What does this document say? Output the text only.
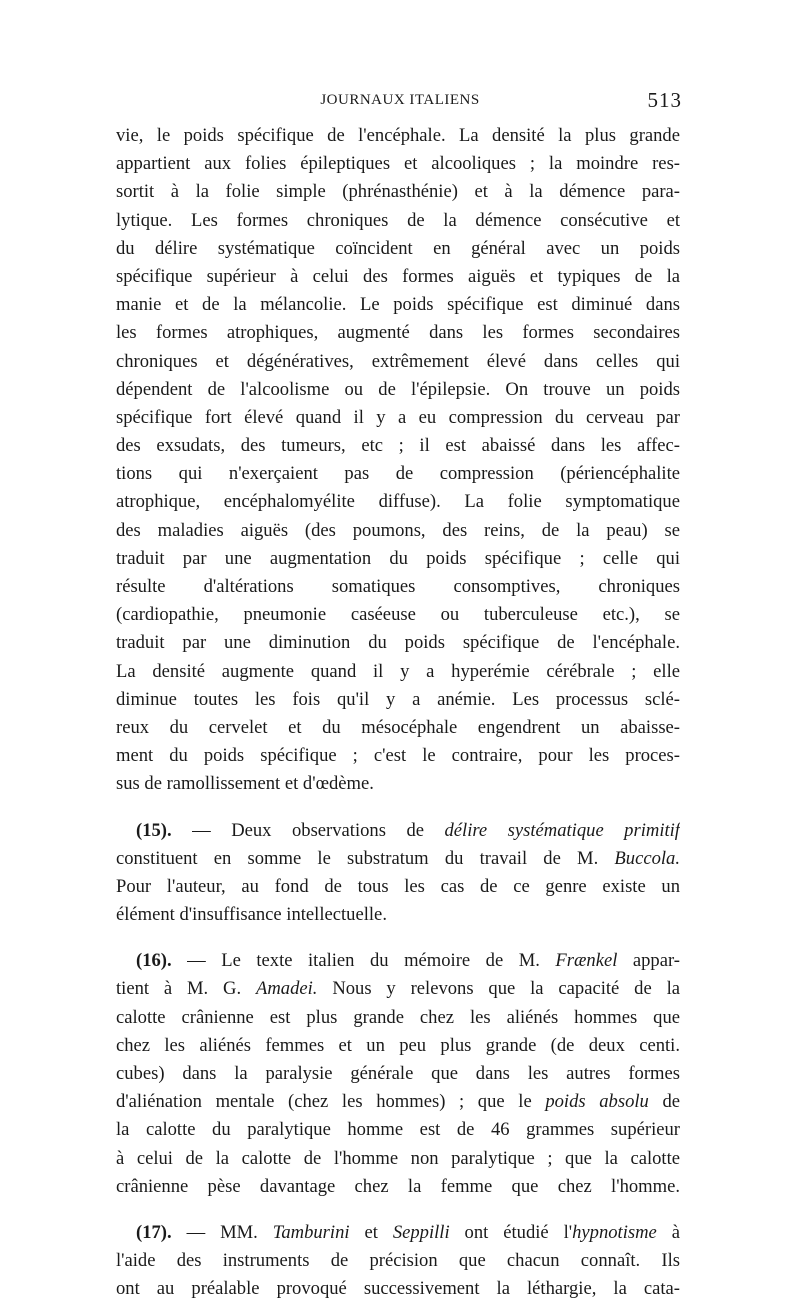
JOURNAUX ITALIENS	513
vie, le poids spécifique de l'encéphale. La densité la plus grande
appartient aux folies épileptiques et alcooliques ; la moindre res-
sortit à la folie simple (phrénasthénie) et à la démence para-
lytique. Les formes chroniques de la démence consécutive et
du délire systématique coïncident en général avec un poids
spécifique supérieur à celui des formes aiguës et typiques de la
manie et de la mélancolie. Le poids spécifique est diminué dans
les formes atrophiques, augmenté dans les formes secondaires
chroniques et dégénératives, extrêmement élevé dans celles qui
dépendent de l'alcoolisme ou de l'épilepsie. On trouve un poids
spécifique fort élevé quand il y a eu compression du cerveau par
des exsudats, des tumeurs, etc ; il est abaissé dans les affec-
tions qui n'exerçaient pas de compression (périencéphalite
atrophique, encéphalomyélite diffuse). La folie symptomatique
des maladies aiguës (des poumons, des reins, de la peau) se
traduit par une augmentation du poids spécifique ; celle qui
résulte d'altérations somatiques consomptives, chroniques
(cardiopathie, pneumonie caséeuse ou tuberculeuse etc.), se
traduit par une diminution du poids spécifique de l'encéphale.
La densité augmente quand il y a hyperémie cérébrale ; elle
diminue toutes les fois qu'il y a anémie. Les processus sclé-
reux du cervelet et du mésocéphale engendrent un abaisse-
ment du poids spécifique ; c'est le contraire, pour les proces-
sus de ramollissement et d'œdème.
(15). — Deux observations de délire systématique primitif
constituent en somme le substratum du travail de M. Buccola.
Pour l'auteur, au fond de tous les cas de ce genre existe un
élément d'insuffisance intellectuelle.
(16). — Le texte italien du mémoire de M. Frænkel appar-
tient à M. G. Amadei. Nous y relevons que la capacité de la
calotte crânienne est plus grande chez les aliénés hommes que
chez les aliénés femmes et un peu plus grande (de deux centi.
cubes) dans la paralysie générale que dans les autres formes
d'aliénation mentale (chez les hommes) ; que le poids absolu de
la calotte du paralytique homme est de 46 grammes supérieur
à celui de la calotte de l'homme non paralytique ; que la calotte
crânienne pèse davantage chez la femme que chez l'homme.
(17). — MM. Tamburini et Seppilli ont étudié l'hypnotisme à
l'aide des instruments de précision que chacun connaît. Ils
ont au préalable provoqué successivement la léthargie, la cata-
